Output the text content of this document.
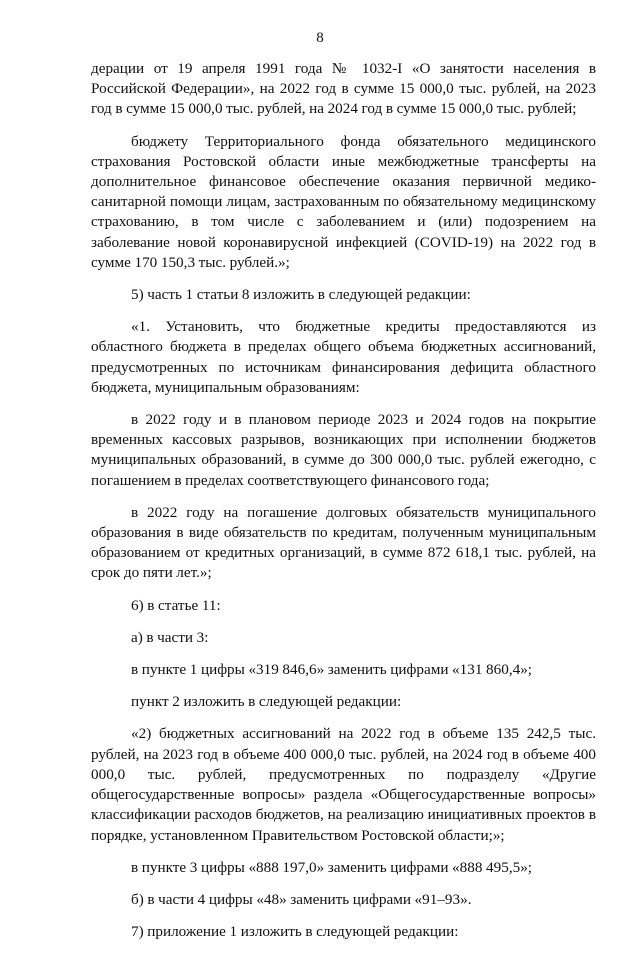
8

дерации от 19 апреля 1991 года № 1032-I «О занятости населения в Российской Федерации», на 2022 год в сумме 15 000,0 тыс. рублей, на 2023 год в сумме 15 000,0 тыс. рублей, на 2024 год в сумме 15 000,0 тыс. рублей;

бюджету Территориального фонда обязательного медицинского страхования Ростовской области иные межбюджетные трансферты на дополнительное финансовое обеспечение оказания первичной медико-санитарной помощи лицам, застрахованным по обязательному медицинскому страхованию, в том числе с заболеванием и (или) подозрением на заболевание новой коронавирусной инфекцией (COVID-19) на 2022 год в сумме 170 150,3 тыс. рублей.»;

5) часть 1 статьи 8 изложить в следующей редакции:

«1. Установить, что бюджетные кредиты предоставляются из областного бюджета в пределах общего объема бюджетных ассигнований, предусмотренных по источникам финансирования дефицита областного бюджета, муниципальным образованиям:

в 2022 году и в плановом периоде 2023 и 2024 годов на покрытие временных кассовых разрывов, возникающих при исполнении бюджетов муниципальных образований, в сумме до 300 000,0 тыс. рублей ежегодно, с погашением в пределах соответствующего финансового года;

в 2022 году на погашение долговых обязательств муниципального образования в виде обязательств по кредитам, полученным муниципальным образованием от кредитных организаций, в сумме 872 618,1 тыс. рублей, на срок до пяти лет.»;

6) в статье 11:

а) в части 3:

в пункте 1 цифры «319 846,6» заменить цифрами «131 860,4»;

пункт 2 изложить в следующей редакции:

«2) бюджетных ассигнований на 2022 год в объеме 135 242,5 тыс. рублей, на 2023 год в объеме 400 000,0 тыс. рублей, на 2024 год в объеме 400 000,0 тыс. рублей, предусмотренных по подразделу «Другие общегосударственные вопросы» раздела «Общегосударственные вопросы» классификации расходов бюджетов, на реализацию инициативных проектов в порядке, установленном Правительством Ростовской области;»;

в пункте 3 цифры «888 197,0» заменить цифрами «888 495,5»;

б) в части 4 цифры «48» заменить цифрами «91–93».

7) приложение 1 изложить в следующей редакции:
